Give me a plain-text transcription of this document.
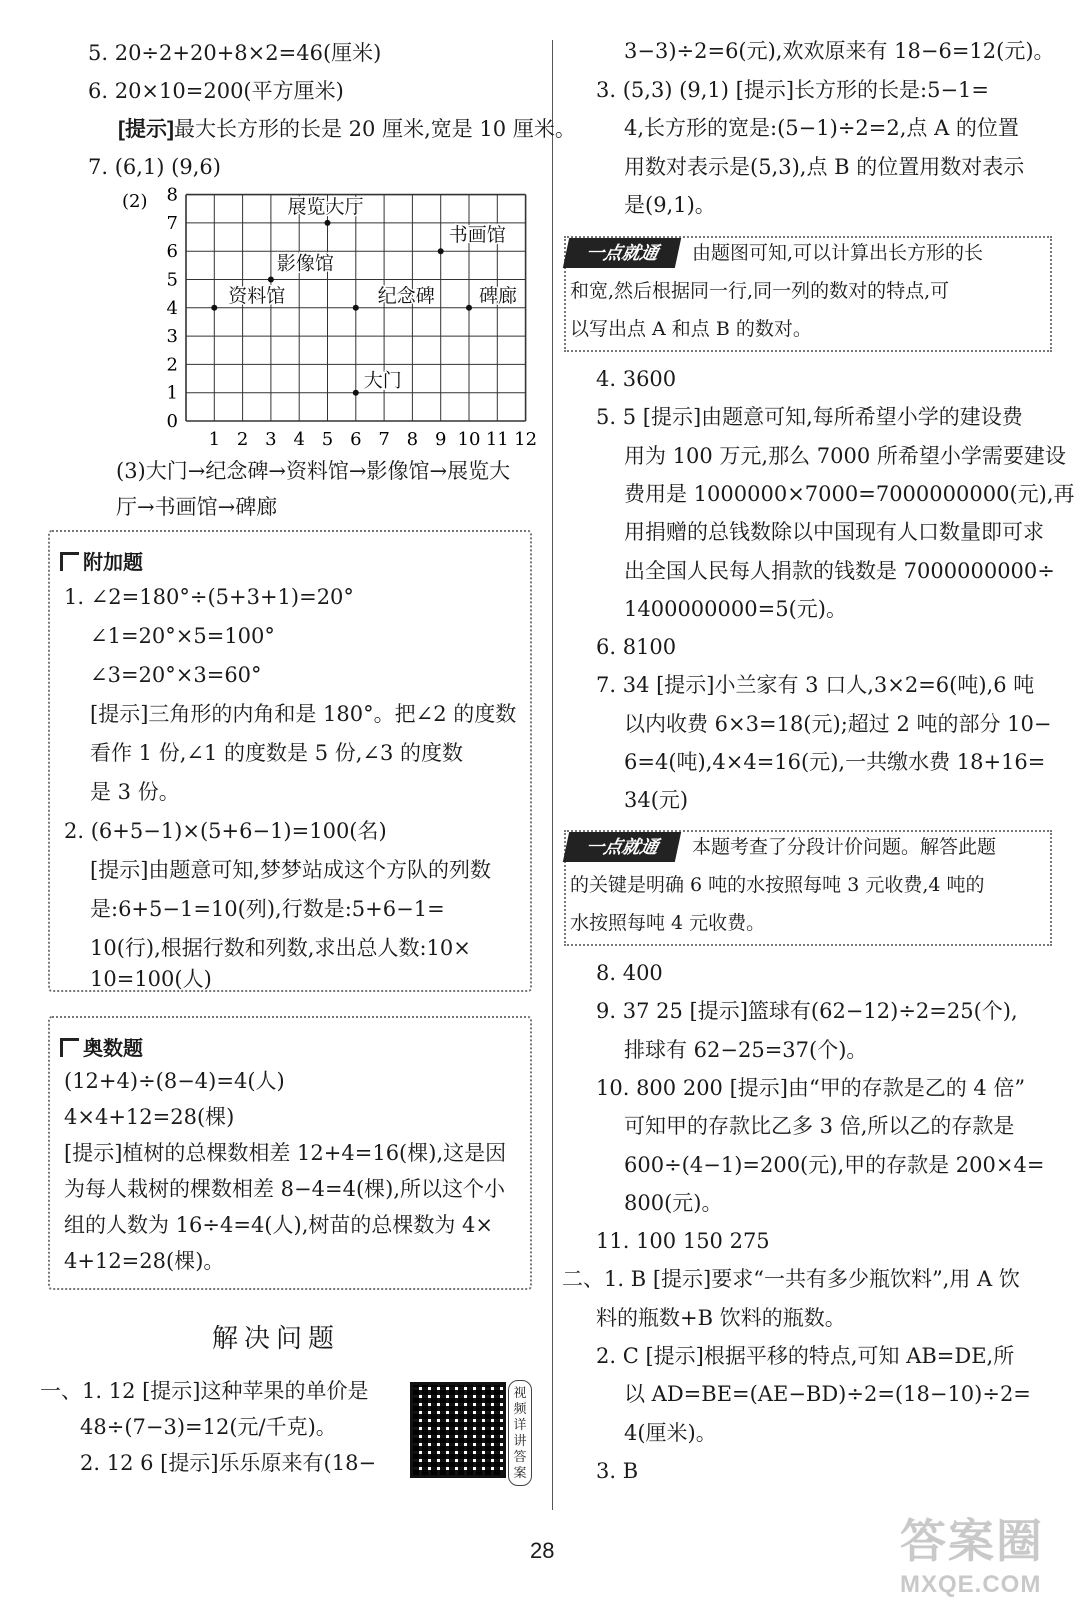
5. 20÷2+20+8×2=46(厘米)
6. 20×10=200(平方厘米)
[提示]最大长方形的长是 20 厘米,宽是 10 厘米。
7. (6,1) (9,6)
(2)
1 2 3 4 5 6 7 8 9 10 11 12
0
1
2
3
4
5
6
7
8
展览大厅
书画馆
影像馆
资料馆	纪念碑 碑廊
大门
(3)大门→纪念碑→资料馆→影像馆→展览大
厅→书画馆→碑廊
附加题
1. ∠2=180°÷(5+3+1)=20°
∠1=20°×5=100°
∠3=20°×3=60°
[提示]三角形的内角和是 180°。把∠2 的度数
看作 1 份,∠1 的度数是 5 份,∠3 的度数
是 3 份。
2. (6+5−1)×(5+6−1)=100(名)
[提示]由题意可知,梦梦站成这个方队的列数
是:6+5−1=10(列),行数是:5+6−1=
10(行),根据行数和列数,求出总人数:10×
10=100(人)
奥数题
(12+4)÷(8−4)=4(人)
4×4+12=28(棵)
[提示]植树的总棵数相差 12+4=16(棵),这是因
为每人栽树的棵数相差 8−4=4(棵),所以这个小
组的人数为 16÷4=4(人),树苗的总棵数为 4×
4+12=28(棵)。
解决问题
一、1. 12 [提示]这种苹果的单价是
48÷(7−3)=12(元/千克)。
2. 12 6 [提示]乐乐原来有(18−
视频详讲答案
3−3)÷2=6(元),欢欢原来有 18−6=12(元)。
3. (5,3) (9,1) [提示]长方形的长是:5−1=
4,长方形的宽是:(5−1)÷2=2,点 A 的位置
用数对表示是(5,3),点 B 的位置用数对表示
是(9,1)。
一点就通	由题图可知,可以计算出长方形的长
和宽,然后根据同一行,同一列的数对的特点,可
以写出点 A 和点 B 的数对。
4. 3600
5. 5 [提示]由题意可知,每所希望小学的建设费
用为 100 万元,那么 7000 所希望小学需要建设
费用是 1000000×7000=7000000000(元),再
用捐赠的总钱数除以中国现有人口数量即可求
出全国人民每人捐款的钱数是 7000000000÷
1400000000=5(元)。
6. 8100
7. 34 [提示]小兰家有 3 口人,3×2=6(吨),6 吨
以内收费 6×3=18(元);超过 2 吨的部分 10−
6=4(吨),4×4=16(元),一共缴水费 18+16=
34(元)
一点就通	本题考查了分段计价问题。解答此题
的关键是明确 6 吨的水按照每吨 3 元收费,4 吨的
水按照每吨 4 元收费。
8. 400
9. 37 25 [提示]篮球有(62−12)÷2=25(个),
排球有 62−25=37(个)。
10. 800 200 [提示]由“甲的存款是乙的 4 倍”
可知甲的存款比乙多 3 倍,所以乙的存款是
600÷(4−1)=200(元),甲的存款是 200×4=
800(元)。
11. 100 150 275
二、1. B [提示]要求“一共有多少瓶饮料”,用 A 饮
料的瓶数+B 饮料的瓶数。
2. C [提示]根据平移的特点,可知 AB=DE,所
以 AD=BE=(AE−BD)÷2=(18−10)÷2=
4(厘米)。
3. B
28	答案圈
MXQE.COM
